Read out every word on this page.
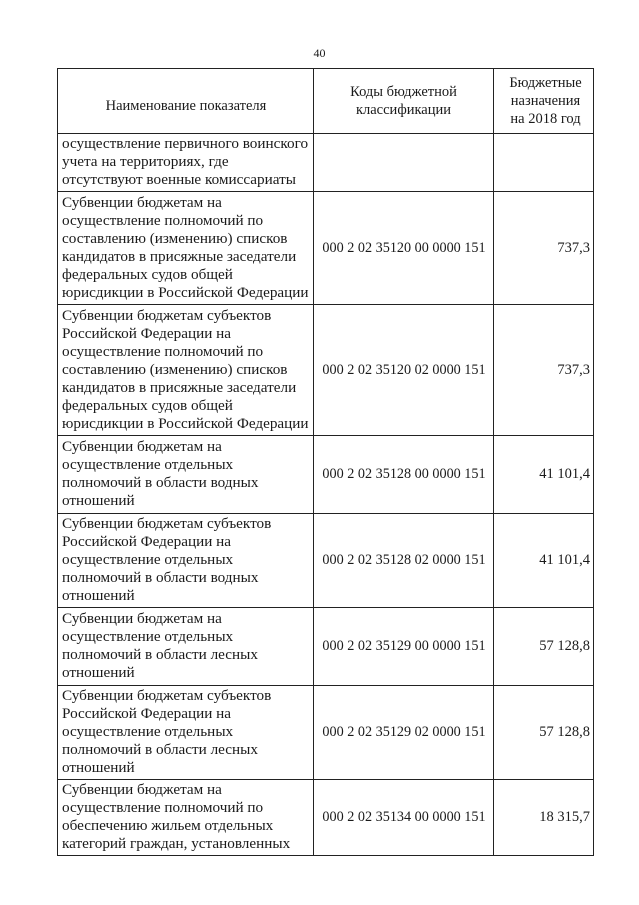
40
Наименование показателя	Коды бюджетной классификации	Бюджетные назначения на 2018 год
осуществление первичного воинского учета на территориях, где отсутствуют военные комиссариаты		
Субвенции бюджетам на осуществление полномочий по составлению (изменению) списков кандидатов в присяжные заседатели федеральных судов общей юрисдикции в Российской Федерации	000 2 02 35120 00 0000 151	737,3
Субвенции бюджетам субъектов Российской Федерации на осуществление полномочий по составлению (изменению) списков кандидатов в присяжные заседатели федеральных судов общей юрисдикции в Российской Федерации	000 2 02 35120 02 0000 151	737,3
Субвенции бюджетам на осуществление отдельных полномочий в области водных отношений	000 2 02 35128 00 0000 151	41 101,4
Субвенции бюджетам субъектов Российской Федерации на осуществление отдельных полномочий в области водных отношений	000 2 02 35128 02 0000 151	41 101,4
Субвенции бюджетам на осуществление отдельных полномочий в области лесных отношений	000 2 02 35129 00 0000 151	57 128,8
Субвенции бюджетам субъектов Российской Федерации на осуществление отдельных полномочий в области лесных отношений	000 2 02 35129 02 0000 151	57 128,8
Субвенции бюджетам на осуществление полномочий по обеспечению жильем отдельных категорий граждан, установленных	000 2 02 35134 00 0000 151	18 315,7
